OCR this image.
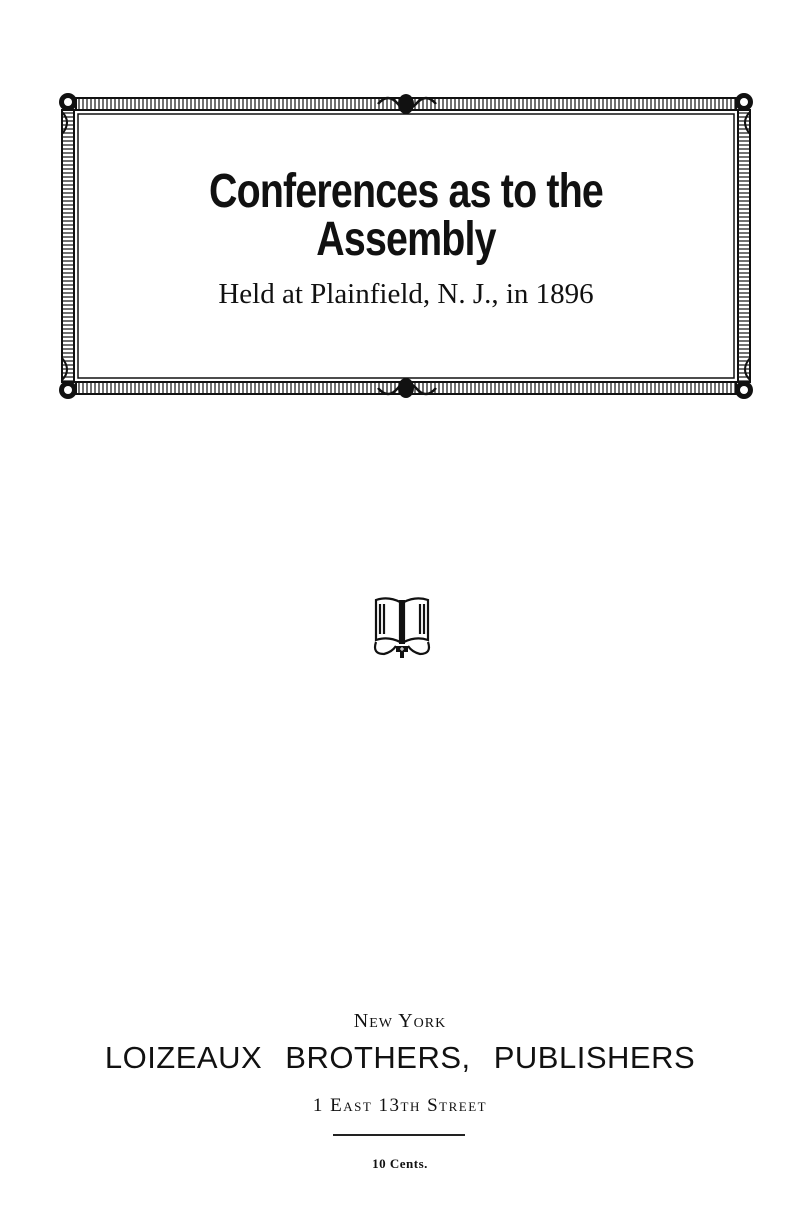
Conferences as to the Assembly
Held at Plainfield, N. J., in 1896
New York
LOIZEAUX BROTHERS, PUBLISHERS
1 East 13th Street
10 Cents.
